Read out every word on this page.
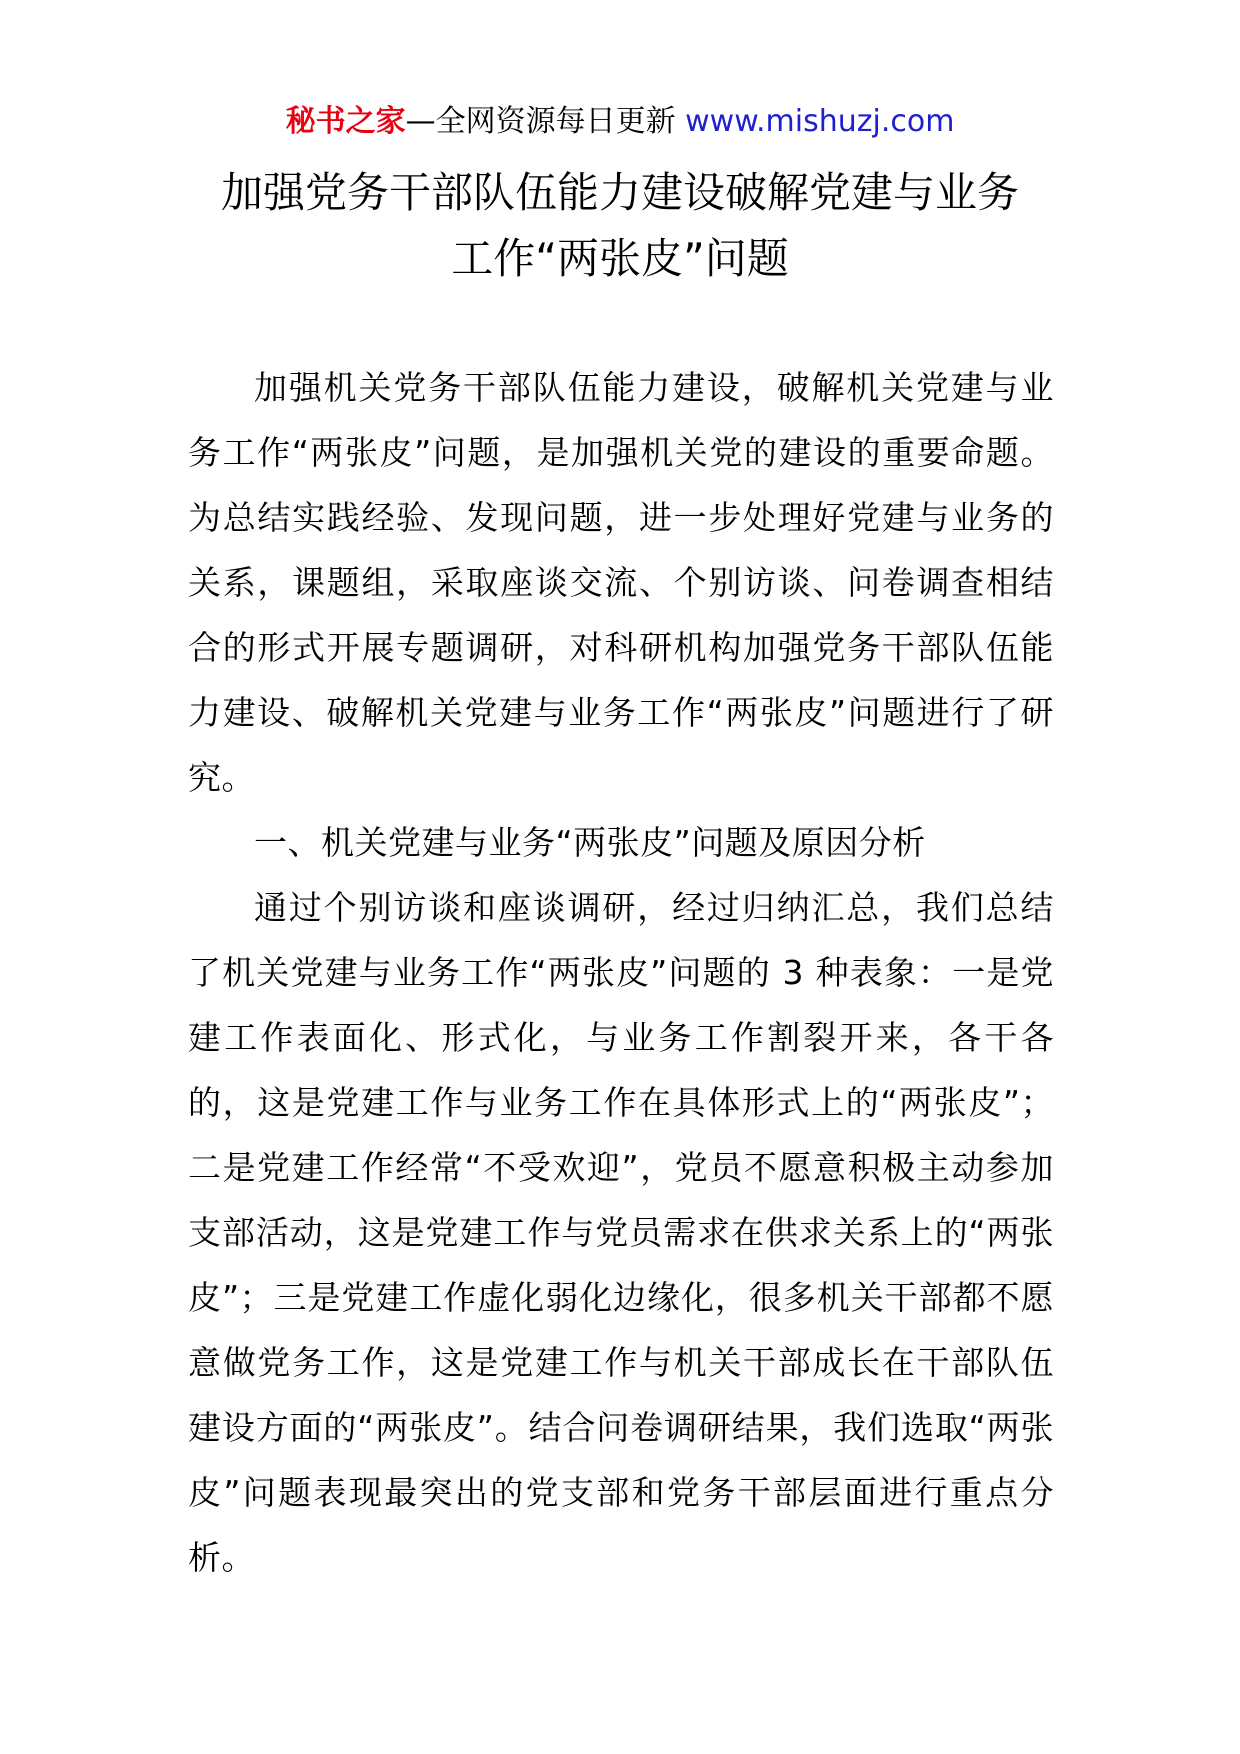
秘书之家—全网资源每日更新 www.mishuzj.com
加强党务干部队伍能力建设破解党建与业务
工作“两张皮”问题

加强机关党务干部队伍能力建设，破解机关党建与业务工作“两张皮”问题，是加强机关党的建设的重要命题。为总结实践经验、发现问题，进一步处理好党建与业务的关系，课题组，采取座谈交流、个别访谈、问卷调查相结合的形式开展专题调研，对科研机构加强党务干部队伍能力建设、破解机关党建与业务工作“两张皮”问题进行了研究。

一、机关党建与业务“两张皮”问题及原因分析

通过个别访谈和座谈调研，经过归纳汇总，我们总结了机关党建与业务工作“两张皮”问题的 3 种表象：一是党建工作表面化、形式化，与业务工作割裂开来，各干各的，这是党建工作与业务工作在具体形式上的“两张皮”；二是党建工作经常“不受欢迎”，党员不愿意积极主动参加支部活动，这是党建工作与党员需求在供求关系上的“两张皮”；三是党建工作虚化弱化边缘化，很多机关干部都不愿意做党务工作，这是党建工作与机关干部成长在干部队伍建设方面的“两张皮”。结合问卷调研结果，我们选取“两张皮”问题表现最突出的党支部和党务干部层面进行重点分析。
